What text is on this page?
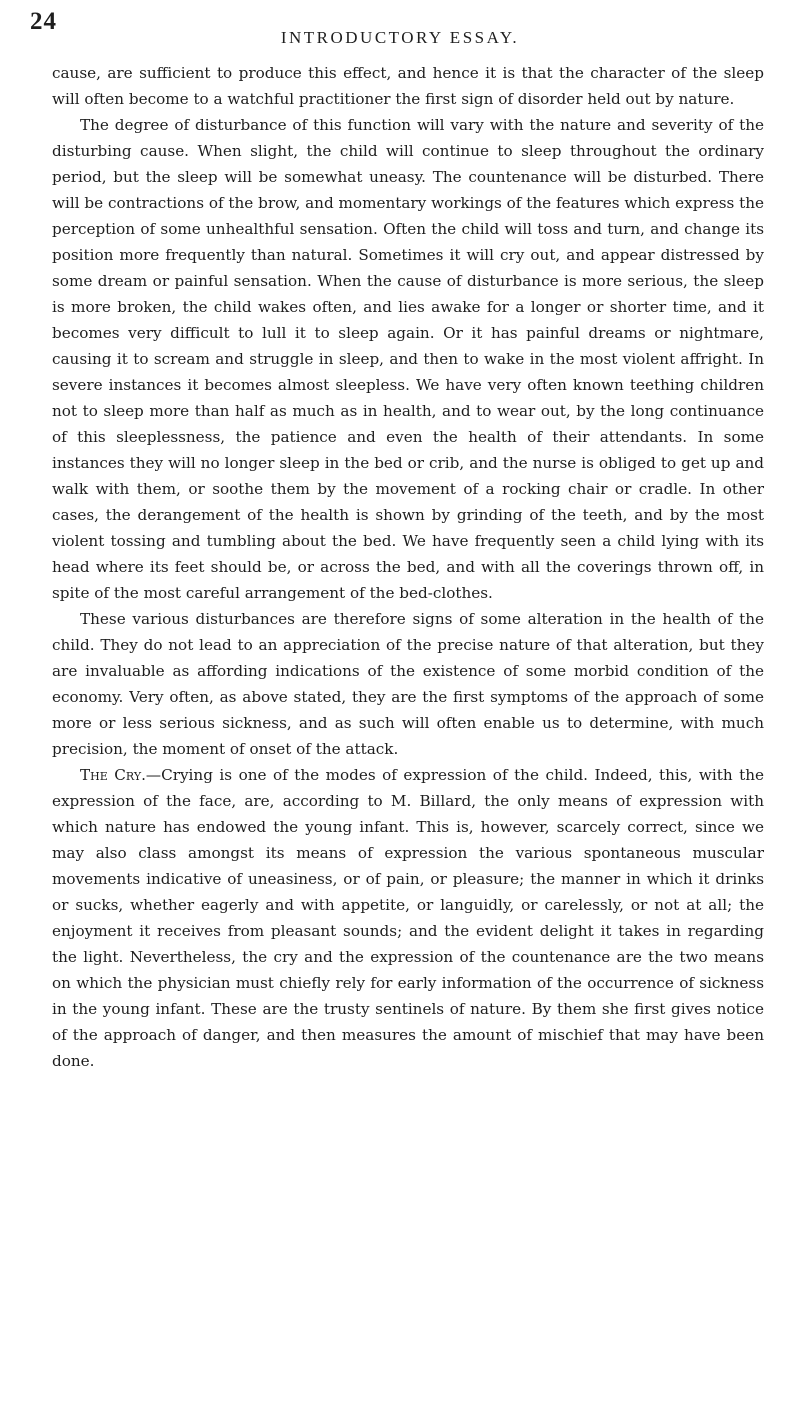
24
INTRODUCTORY ESSAY.

cause, are sufficient to produce this effect, and hence it is that the character of the sleep will often become to a watchful practitioner the first sign of disorder held out by nature.

The degree of disturbance of this function will vary with the nature and severity of the disturbing cause. When slight, the child will continue to sleep throughout the ordinary period, but the sleep will be somewhat uneasy. The countenance will be disturbed. There will be contractions of the brow, and momentary workings of the features which express the perception of some unhealthful sensation. Often the child will toss and turn, and change its position more frequently than natural. Sometimes it will cry out, and appear distressed by some dream or painful sensation. When the cause of disturbance is more serious, the sleep is more broken, the child wakes often, and lies awake for a longer or shorter time, and it becomes very difficult to lull it to sleep again. Or it has painful dreams or nightmare, causing it to scream and struggle in sleep, and then to wake in the most violent affright. In severe instances it becomes almost sleepless. We have very often known teething children not to sleep more than half as much as in health, and to wear out, by the long continuance of this sleeplessness, the patience and even the health of their attendants. In some instances they will no longer sleep in the bed or crib, and the nurse is obliged to get up and walk with them, or soothe them by the movement of a rocking chair or cradle. In other cases, the derangement of the health is shown by grinding of the teeth, and by the most violent tossing and tumbling about the bed. We have frequently seen a child lying with its head where its feet should be, or across the bed, and with all the coverings thrown off, in spite of the most careful arrangement of the bed-clothes.

These various disturbances are therefore signs of some alteration in the health of the child. They do not lead to an appreciation of the precise nature of that alteration, but they are invaluable as affording indications of the existence of some morbid condition of the economy. Very often, as above stated, they are the first symptoms of the approach of some more or less serious sickness, and as such will often enable us to determine, with much precision, the moment of onset of the attack.

The Cry.—Crying is one of the modes of expression of the child. Indeed, this, with the expression of the face, are, according to M. Billard, the only means of expression with which nature has endowed the young infant. This is, however, scarcely correct, since we may also class amongst its means of expression the various spontaneous muscular movements indicative of uneasiness, or of pain, or pleasure; the manner in which it drinks or sucks, whether eagerly and with appetite, or languidly, or carelessly, or not at all; the enjoyment it receives from pleasant sounds; and the evident delight it takes in regarding the light. Nevertheless, the cry and the expression of the countenance are the two means on which the physician must chiefly rely for early information of the occurrence of sickness in the young infant. These are the trusty sentinels of nature. By them she first gives notice of the approach of danger, and then measures the amount of mischief that may have been done.
